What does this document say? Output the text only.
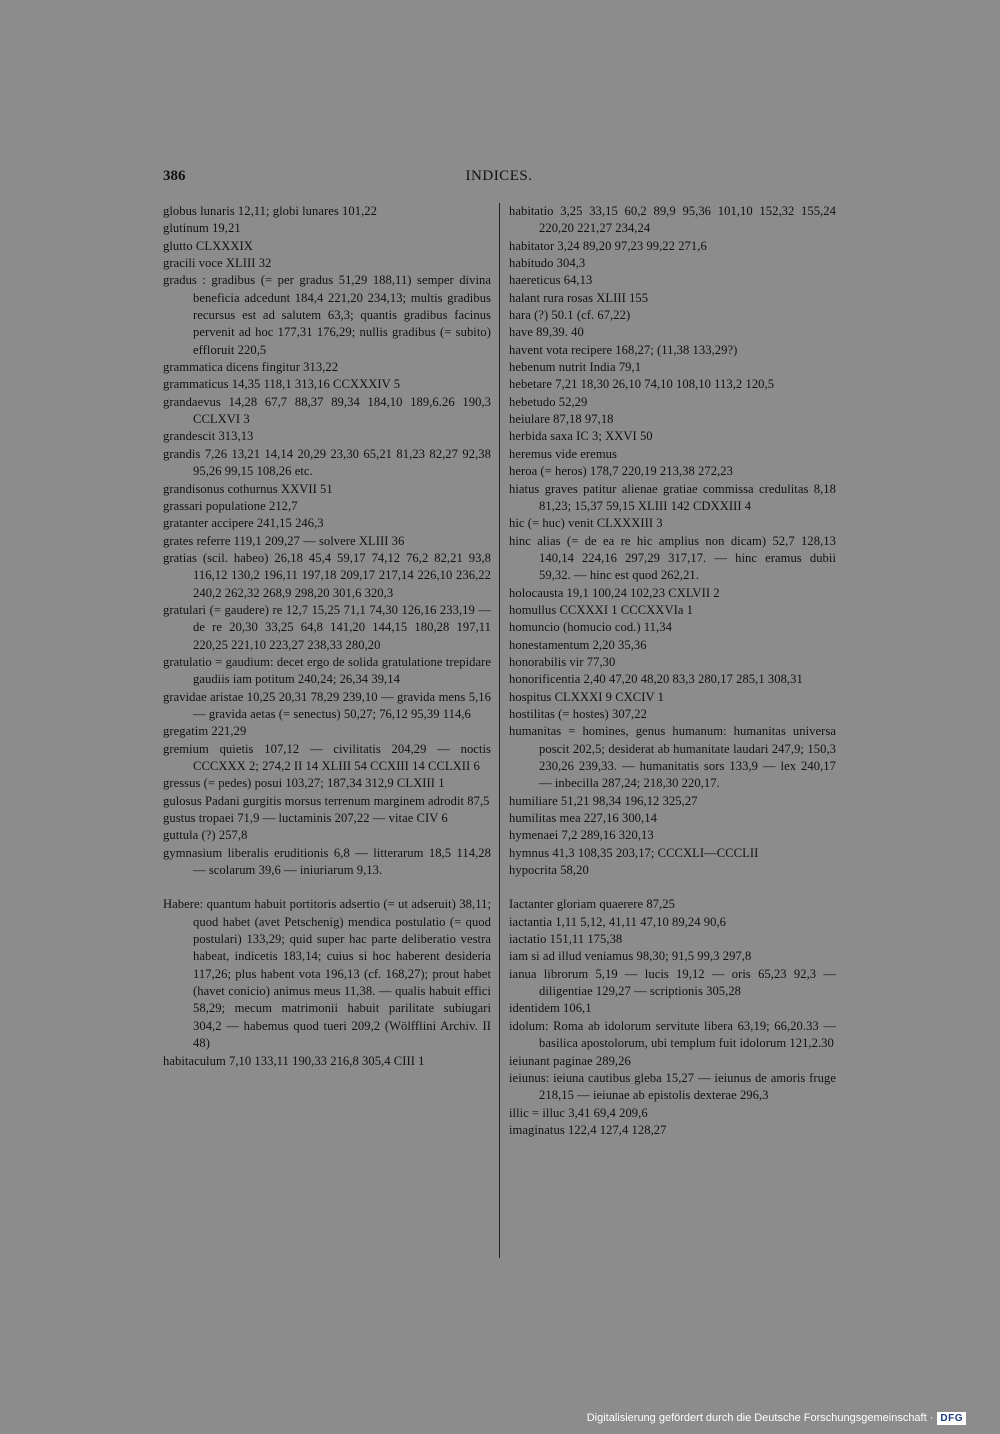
386	INDICES.
globus lunaris 12,11; globi lunares 101,22
glutinum 19,21
glutto CLXXXIX
gracili voce XLIII 32
gradus : gradibus (= per gradus 51,29 188,11) semper divina beneficia adcedunt 184,4 221,20 234,13; multis gradibus recursus est ad salutem 63,3; quantis gradibus facinus pervenit ad hoc 177,31 176,29; nullis gradibus (= subito) effloruit 220,5
grammatica dicens fingitur 313,22
grammaticus 14,35 118,1 313,16 CCXXXIV 5
grandaevus 14,28 67,7 88,37 89,34 184,10 189,6.26 190,3 CCLXVI 3
grandescit 313,13
grandis 7,26 13,21 14,14 20,29 23,30 65,21 81,23 82,27 92,38 95,26 99,15 108,26 etc.
grandisonus cothurnus XXVII 51
grassari populatione 212,7
gratanter accipere 241,15 246,3
grates referre 119,1 209,27 — solvere XLIII 36
gratias (scil. habeo) 26,18 45,4 59,17 74,12 76,2 82,21 93,8 116,12 130,2 196,11 197,18 209,17 217,14 226,10 236,22 240,2 262,32 268,9 298,20 301,6 320,3
gratulari (= gaudere) re 12,7 15,25 71,1 74,30 126,16 233,19 — de re 20,30 33,25 64,8 141,20 144,15 180,28 197,11 220,25 221,10 223,27 238,33 280,20
gratulatio = gaudium: decet ergo de solida gratulatione trepidare gaudiis iam potitum 240,24; 26,34 39,14
gravidae aristae 10,25 20,31 78,29 239,10 — gravida mens 5,16 — gravida aetas (= senectus) 50,27; 76,12 95,39 114,6
gregatim 221,29
gremium quietis 107,12 — civilitatis 204,29 — noctis CCCXXX 2; 274,2 II 14 XLIII 54 CCXIII 14 CCLXII 6
gressus (= pedes) posui 103,27; 187,34 312,9 CLXIII 1
gulosus Padani gurgitis morsus terrenum marginem adrodit 87,5
gustus tropaei 71,9 — luctaminis 207,22 — vitae CIV 6
guttula (?) 257,8
gymnasium liberalis eruditionis 6,8 — litterarum 18,5 114,28 — scolarum 39,6 — iniuriarum 9,13.
Habere: quantum habuit portitoris adsertio (= ut adseruit) 38,11; quod habet (avet Petschenig) mendica postulatio (= quod postulari) 133,29; quid super hac parte deliberatio vestra habeat, indicetis 183,14; cuius si hoc haberent desideria 117,26; plus habent vota 196,13 (cf. 168,27); prout habet (havet conicio) animus meus 11,38. — qualis habuit effici 58,29; mecum matrimonii habuit parilitate subiugari 304,2 — habemus quod tueri 209,2 (Wölfflini Archiv. II 48)
habitaculum 7,10 133,11 190,33 216,8 305,4 CIII 1
habitatio 3,25 33,15 60,2 89,9 95,36 101,10 152,32 155,24 220,20 221,27 234,24
habitator 3,24 89,20 97,23 99,22 271,6
habitudo 304,3
haereticus 64,13
halant rura rosas XLIII 155
hara (?) 50.1 (cf. 67,22)
have 89,39. 40
havent vota recipere 168,27; (11,38 133,29?)
hebenum nutrit India 79,1
hebetare 7,21 18,30 26,10 74,10 108,10 113,2 120,5
hebetudo 52,29
heiulare 87,18 97,18
herbida saxa IC 3; XXVI 50
heremus vide eremus
heroa (= heros) 178,7 220,19 213,38 272,23
hiatus graves patitur alienae gratiae commissa credulitas 8,18 81,23; 15,37 59,15 XLIII 142 CDXXIII 4
hic (= huc) venit CLXXXIII 3
hinc alias (= de ea re hic amplius non dicam) 52,7 128,13 140,14 224,16 297,29 317,17. — hinc eramus dubii 59,32. — hinc est quod 262,21.
holocausta 19,1 100,24 102,23 CXLVII 2
homullus CCXXXI 1 CCCXXVIa 1
homuncio (homucio cod.) 11,34
honestamentum 2,20 35,36
honorabilis vir 77,30
honorificentia 2,40 47,20 48,20 83,3 280,17 285,1 308,31
hospitus CLXXXI 9 CXCIV 1
hostilitas (= hostes) 307,22
humanitas = homines, genus humanum: humanitas universa poscit 202,5; desiderat ab humanitate laudari 247,9; 150,3 230,26 239,33. — humanitatis sors 133,9 — lex 240,17 — inbecilla 287,24; 218,30 220,17.
humiliare 51,21 98,34 196,12 325,27
humilitas mea 227,16 300,14
hymenaei 7,2 289,16 320,13
hymnus 41,3 108,35 203,17; CCCXLI—CCCLII
hypocrita 58,20
Iactanter gloriam quaerere 87,25
iactantia 1,11 5,12, 41,11 47,10 89,24 90,6
iactatio 151,11 175,38
iam si ad illud veniamus 98,30; 91,5 99,3 297,8
ianua librorum 5,19 — lucis 19,12 — oris 65,23 92,3 — diligentiae 129,27 — scriptionis 305,28
identidem 106,1
idolum: Roma ab idolorum servitute libera 63,19; 66,20.33 — basilica apostolorum, ubi templum fuit idolorum 121,2.30
ieiunant paginae 289,26
ieiunus: ieiuna cautibus gleba 15,27 — ieiunus de amoris fruge 218,15 — ieiunae ab epistolis dexterae 296,3
illic = illuc 3,41 69,4 209,6
imaginatus 122,4 127,4 128,27
Digitalisierung gefördert durch die Deutsche Forschungsgemeinschaft · DFG
